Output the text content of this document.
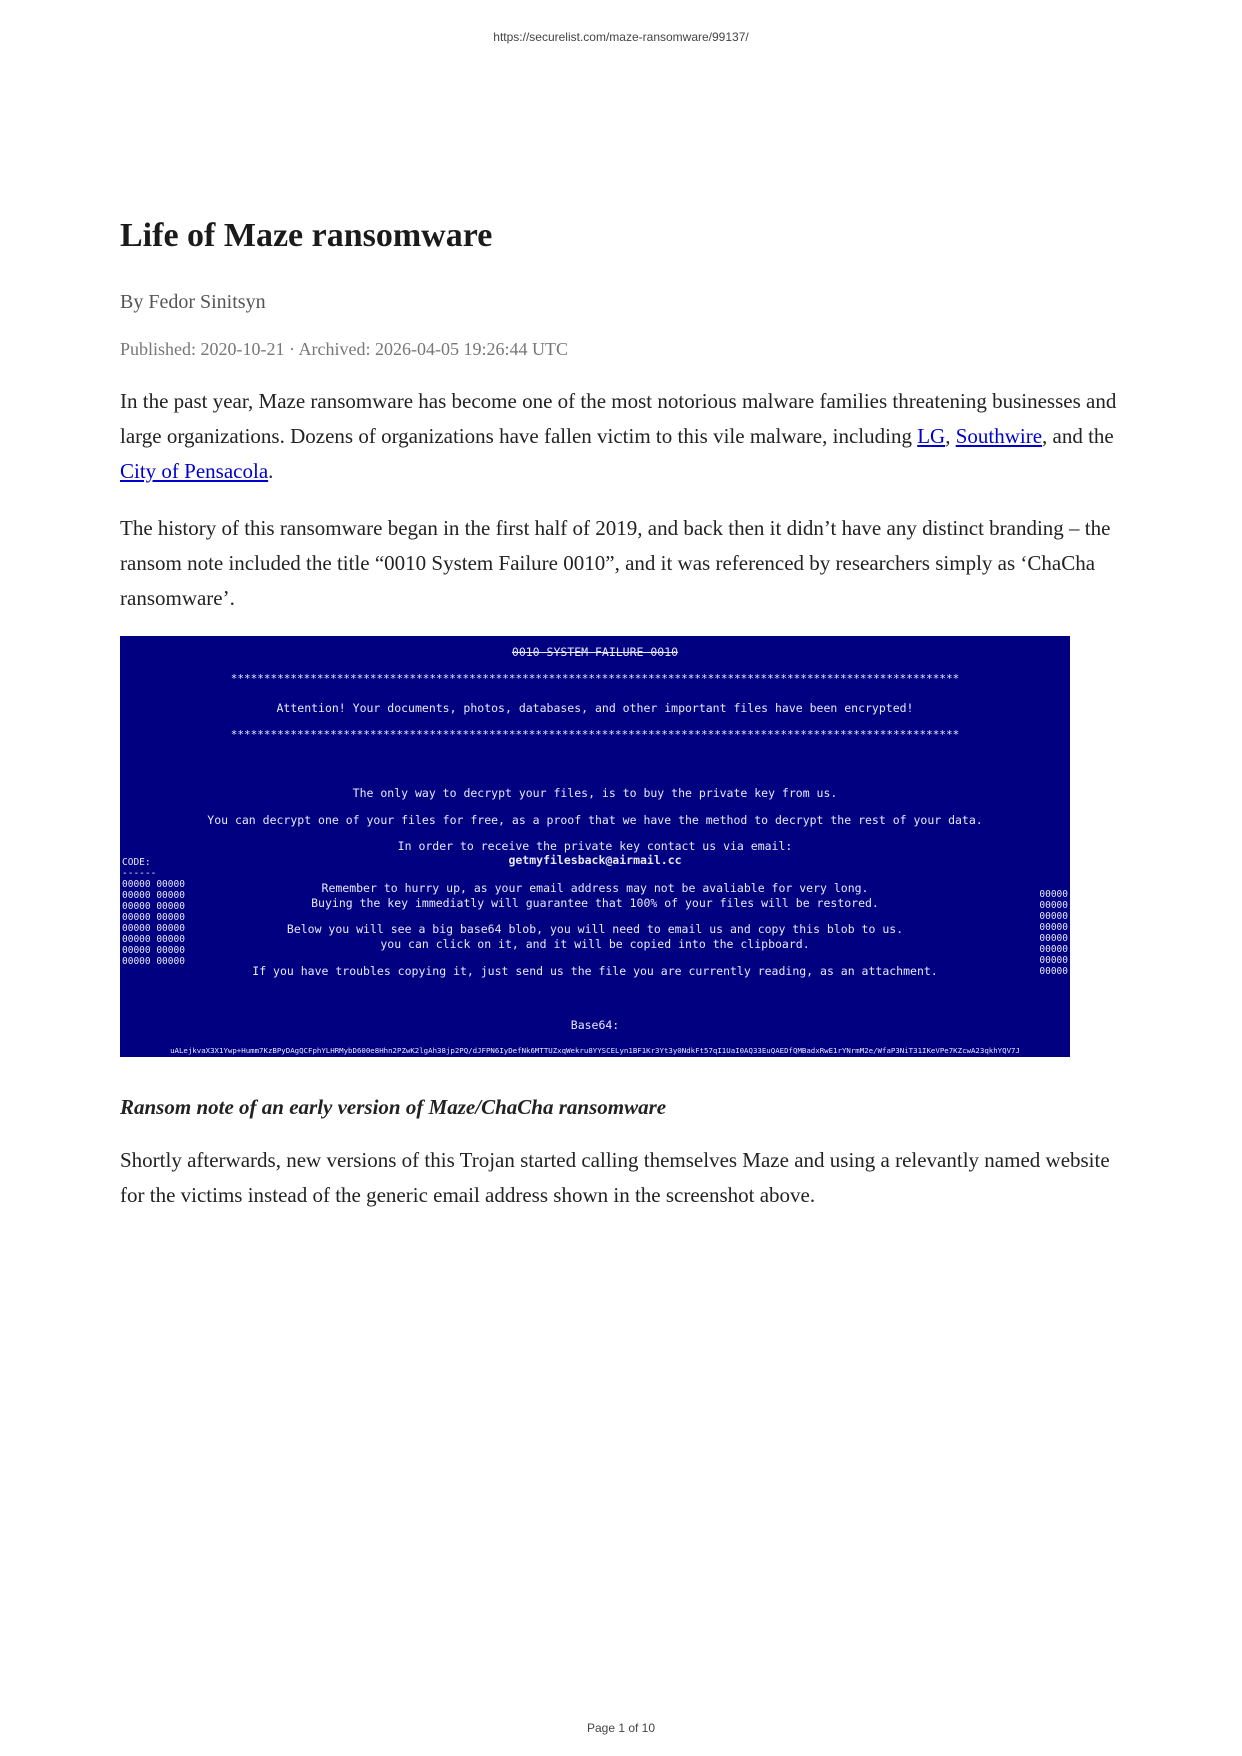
https://securelist.com/maze-ransomware/99137/
Life of Maze ransomware
By Fedor Sinitsyn
Published: 2020-10-21 · Archived: 2026-04-05 19:26:44 UTC

In the past year, Maze ransomware has become one of the most notorious malware families threatening businesses and large organizations. Dozens of organizations have fallen victim to this vile malware, including LG, Southwire, and the City of Pensacola.

The history of this ransomware began in the first half of 2019, and back then it didn’t have any distinct branding – the ransom note included the title “0010 System Failure 0010”, and it was referenced by researchers simply as ‘ChaCha ransomware’.

0010 SYSTEM FAILURE 0010
**************************************************************************************************************
Attention! Your documents, photos, databases, and other important files have been encrypted!
**************************************************************************************************************
The only way to decrypt your files, is to buy the private key from us.
You can decrypt one of your files for free, as a proof that we have the method to decrypt the rest of your data.
In order to receive the private key contact us via email:
getmyfilesback@airmail.cc
Remember to hurry up, as your email address may not be avaliable for very long.
Buying the key immediatly will guarantee that 100% of your files will be restored.
Below you will see a big base64 blob, you will need to email us and copy this blob to us.
you can click on it, and it will be copied into the clipboard.
If you have troubles copying it, just send us the file you are currently reading, as an attachment.
CODE:
------
00000 00000
00000 00000
00000 00000
00000 00000
00000 00000
00000 00000
00000 00000
00000 00000
00000
00000
00000
00000
00000
00000
00000
00000
Base64:
uALejkvaX3X1Ywp+Humm7KzBPyDAgQCFphYLHRMybD600e8Hhn2PZwK2lgAh38jp2PQ/dJFPN6IyDefNk6MTTUZxqWekru8YYSCELyn1BF1Kr3Yt3y0NdkFt57qI1UaI0AQ33EuQAEDfQMBadxRwE1rYNrmM2e/WfaP3NiT31IKeVPe7KZcwA23qkhYQV7J
Ransom note of an early version of Maze/ChaCha ransomware

Shortly afterwards, new versions of this Trojan started calling themselves Maze and using a relevantly named website for the victims instead of the generic email address shown in the screenshot above.

Page 1 of 10
